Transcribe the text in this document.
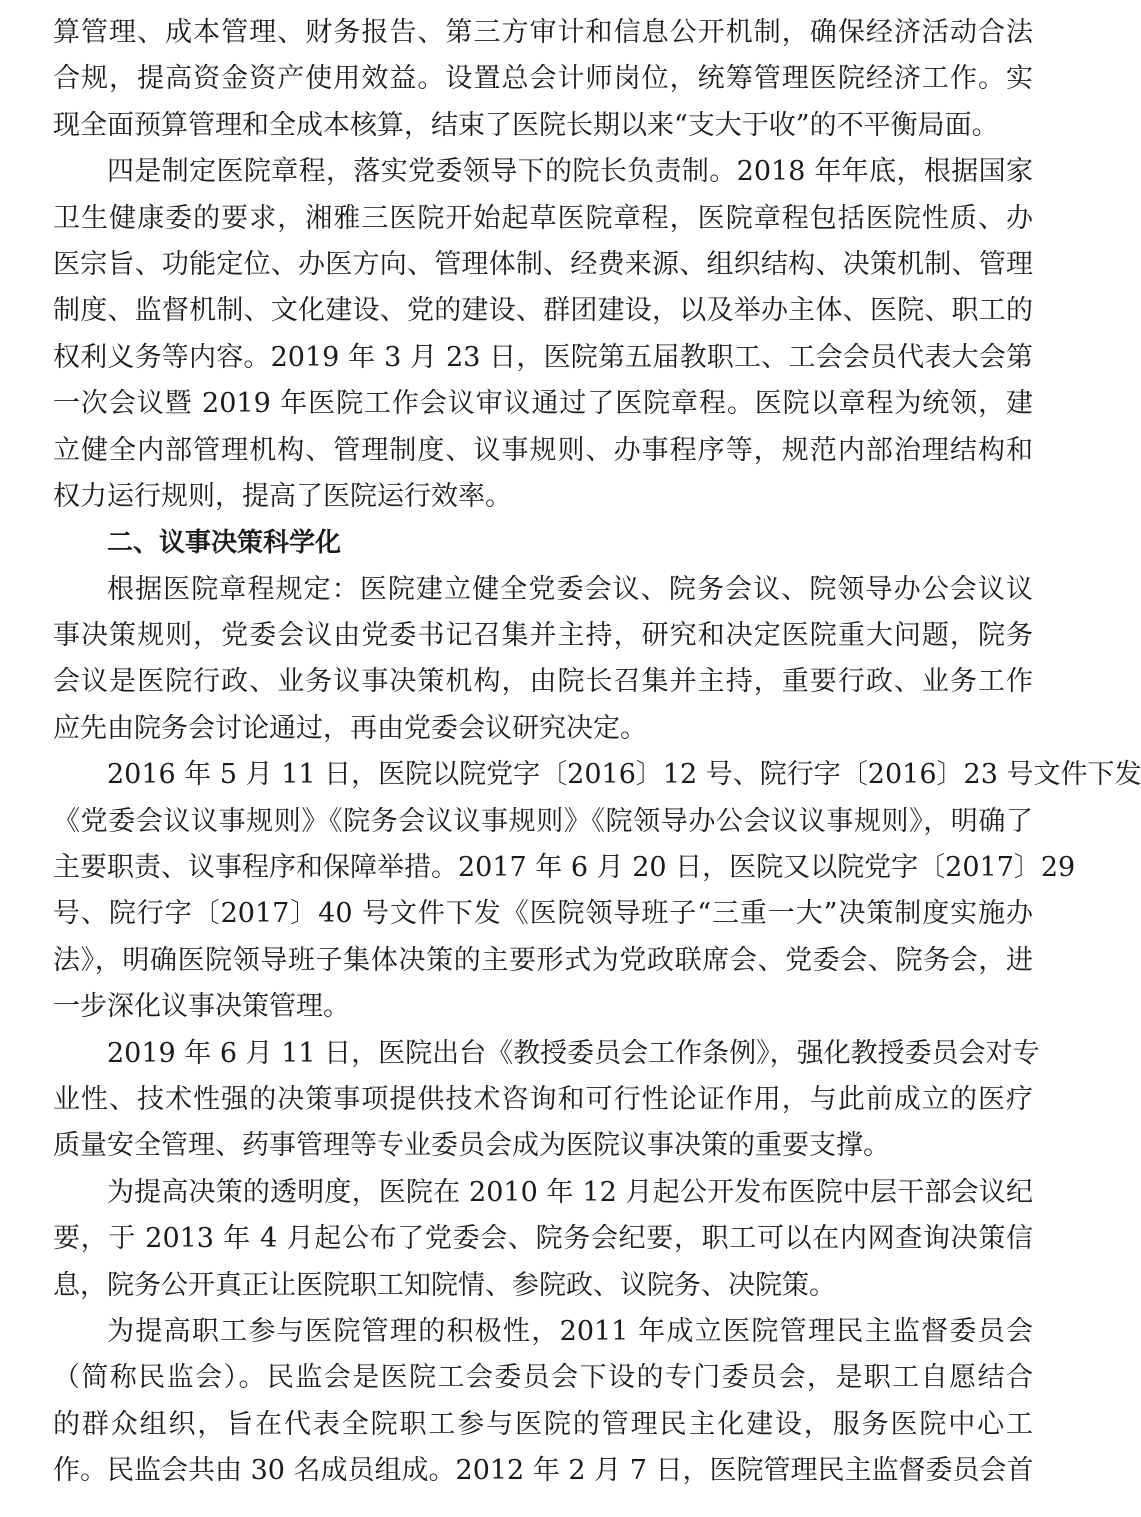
算管理、成本管理、财务报告、第三方审计和信息公开机制，确保经济活动合法
合规，提高资金资产使用效益。设置总会计师岗位，统筹管理医院经济工作。实
现全面预算管理和全成本核算，结束了医院长期以来“支大于收”的不平衡局面。
四是制定医院章程，落实党委领导下的院长负责制。2018 年年底，根据国家
卫生健康委的要求，湘雅三医院开始起草医院章程，医院章程包括医院性质、办
医宗旨、功能定位、办医方向、管理体制、经费来源、组织结构、决策机制、管理
制度、监督机制、文化建设、党的建设、群团建设，以及举办主体、医院、职工的
权利义务等内容。2019 年 3 月 23 日，医院第五届教职工、工会会员代表大会第
一次会议暨 2019 年医院工作会议审议通过了医院章程。医院以章程为统领，建
立健全内部管理机构、管理制度、议事规则、办事程序等，规范内部治理结构和
权力运行规则，提高了医院运行效率。
二、议事决策科学化
根据医院章程规定：医院建立健全党委会议、院务会议、院领导办公会议议
事决策规则，党委会议由党委书记召集并主持，研究和决定医院重大问题，院务
会议是医院行政、业务议事决策机构，由院长召集并主持，重要行政、业务工作
应先由院务会讨论通过，再由党委会议研究决定。
2016 年 5 月 11 日，医院以院党字〔2016〕12 号、院行字〔2016〕23 号文件下发
《党委会议议事规则》《院务会议议事规则》《院领导办公会议议事规则》，明确了
主要职责、议事程序和保障举措。2017 年 6 月 20 日，医院又以院党字〔2017〕29
号、院行字〔2017〕40 号文件下发《医院领导班子“三重一大”决策制度实施办
法》，明确医院领导班子集体决策的主要形式为党政联席会、党委会、院务会，进
一步深化议事决策管理。
2019 年 6 月 11 日，医院出台《教授委员会工作条例》，强化教授委员会对专
业性、技术性强的决策事项提供技术咨询和可行性论证作用，与此前成立的医疗
质量安全管理、药事管理等专业委员会成为医院议事决策的重要支撑。
为提高决策的透明度，医院在 2010 年 12 月起公开发布医院中层干部会议纪
要，于 2013 年 4 月起公布了党委会、院务会纪要，职工可以在内网查询决策信
息，院务公开真正让医院职工知院情、参院政、议院务、决院策。
为提高职工参与医院管理的积极性，2011 年成立医院管理民主监督委员会
（简称民监会）。民监会是医院工会委员会下设的专门委员会，是职工自愿结合
的群众组织，旨在代表全院职工参与医院的管理民主化建设，服务医院中心工
作。民监会共由 30 名成员组成。2012 年 2 月 7 日，医院管理民主监督委员会首
